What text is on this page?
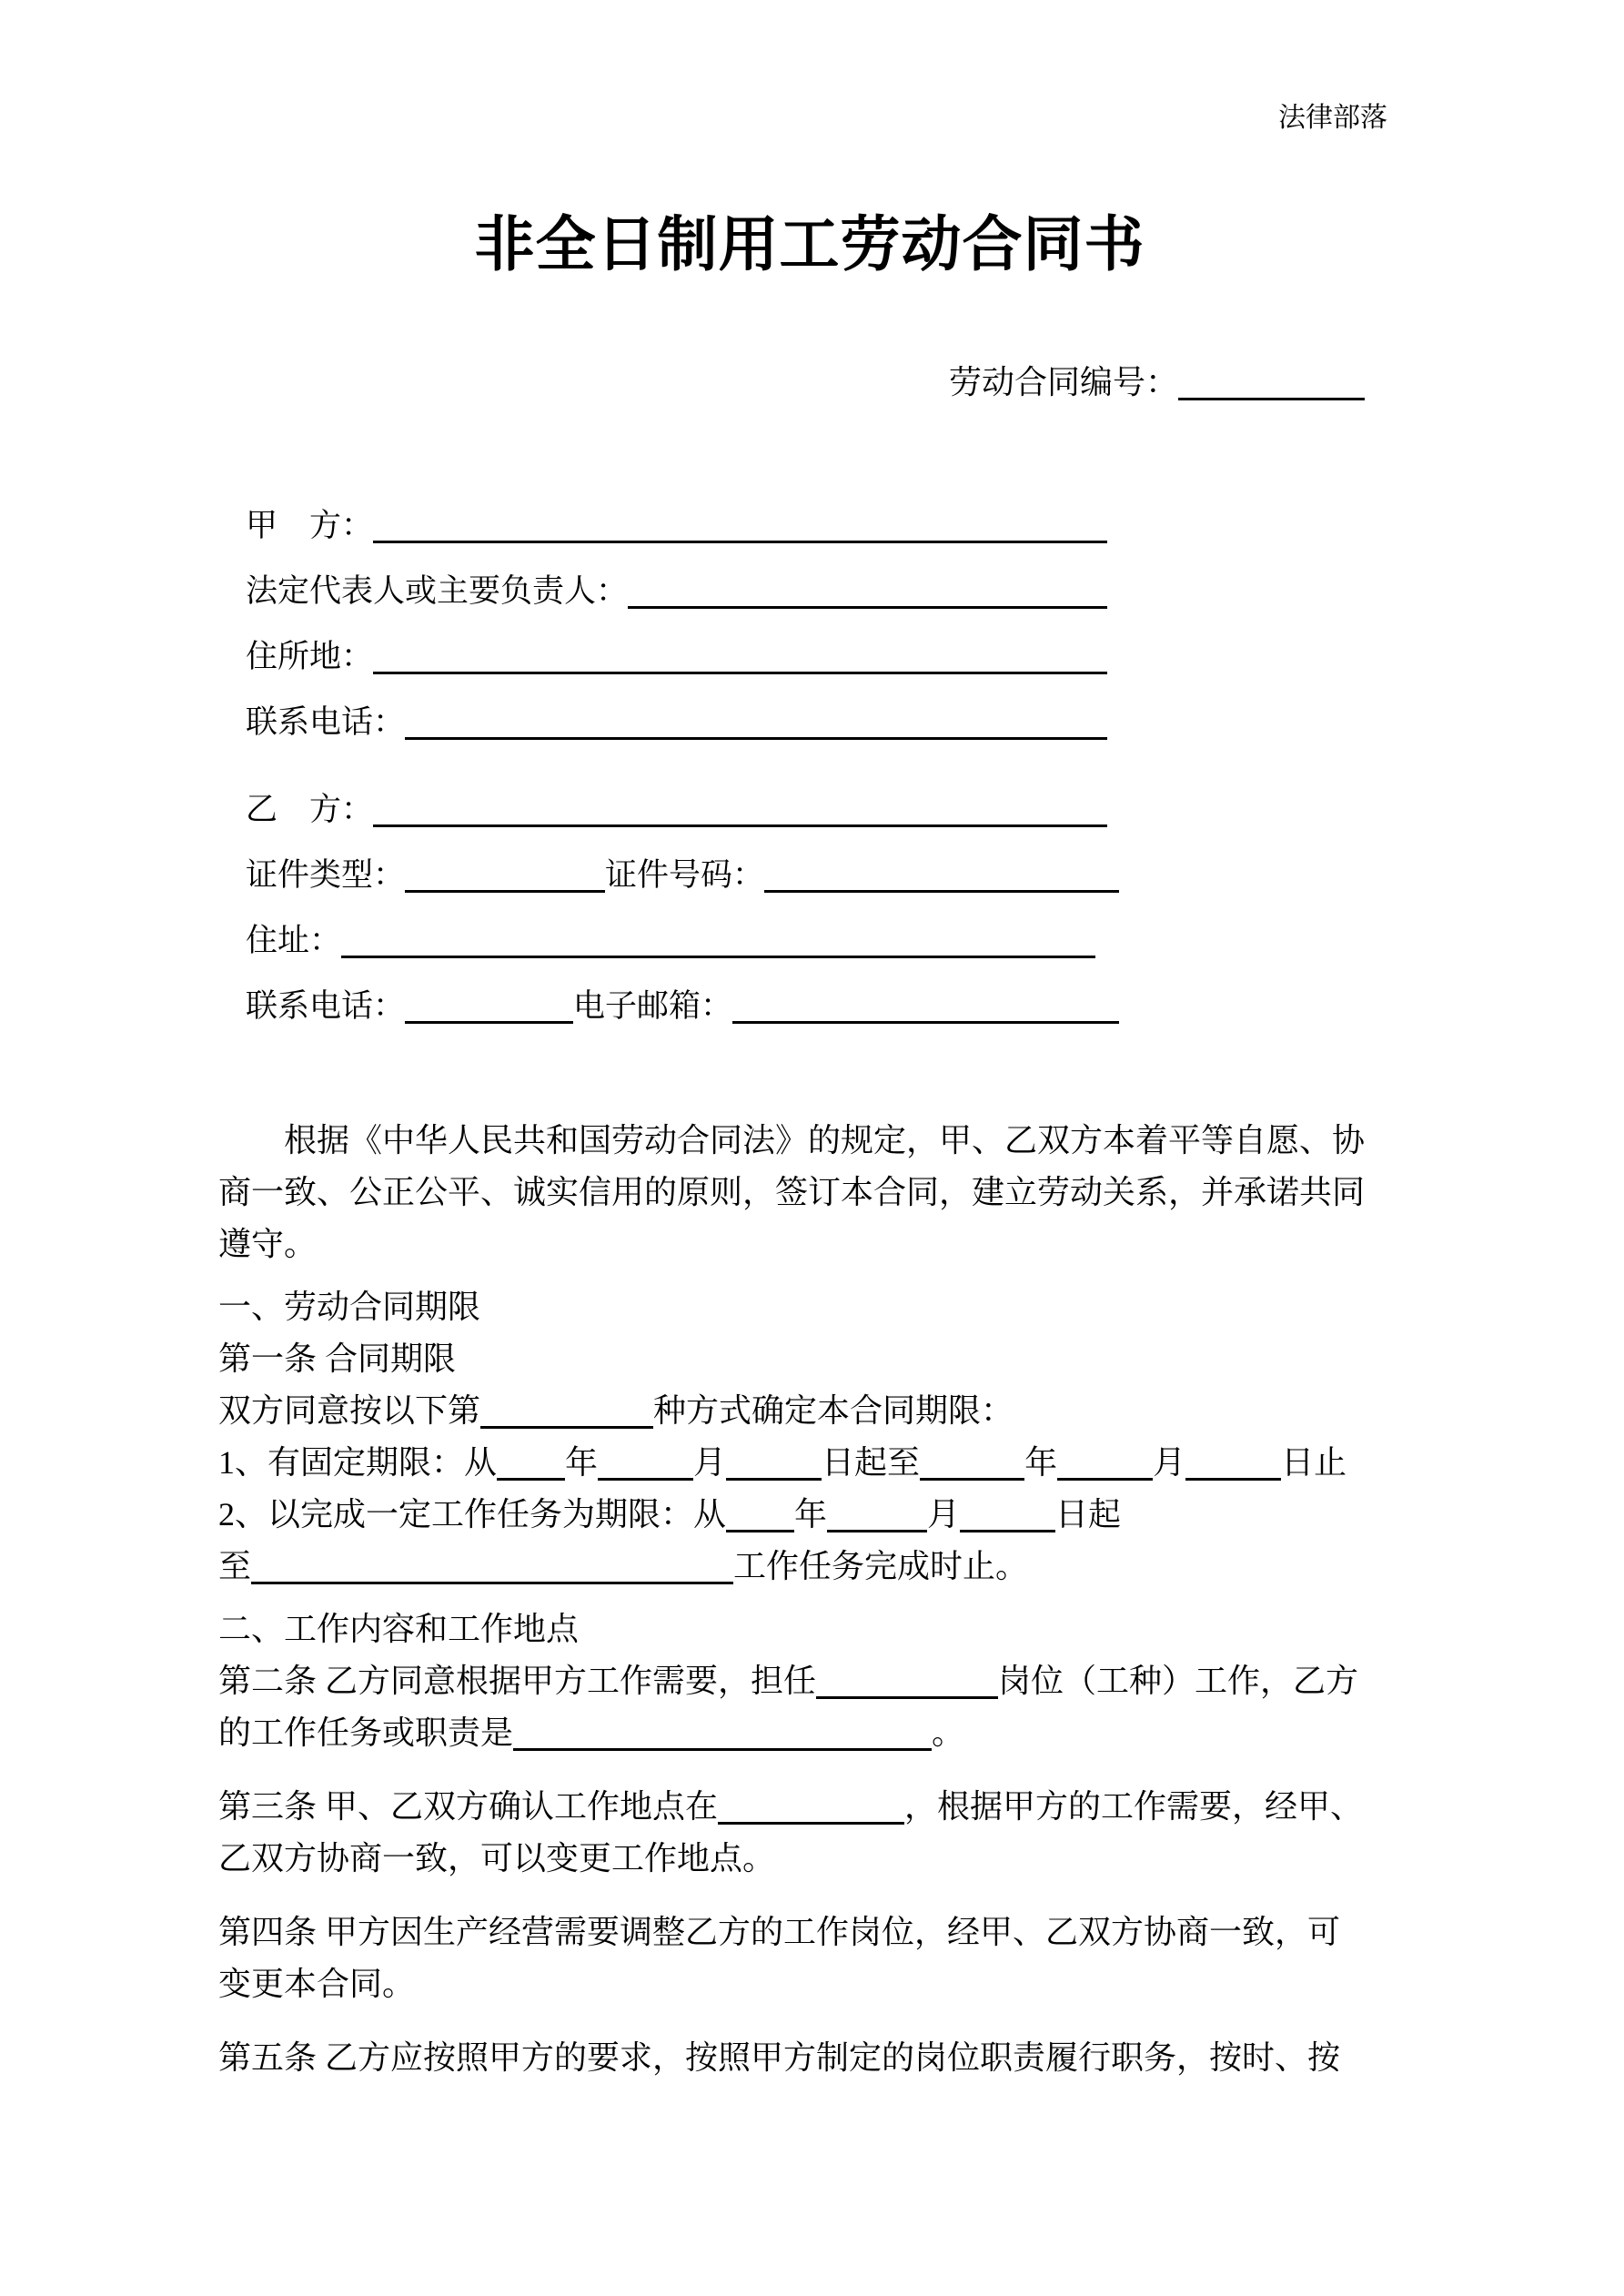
法律部落
非全日制用工劳动合同书
劳动合同编号：
甲　方：
法定代表人或主要负责人：
住所地：
联系电话：
乙　方：
证件类型：	证件号码：
住址：
联系电话：	电子邮箱：
根据《中华人民共和国劳动合同法》的规定，甲、乙双方本着平等自愿、协
商一致、公正公平、诚实信用的原则，签订本合同，建立劳动关系，并承诺共同
遵守。
一、劳动合同期限
第一条 合同期限
双方同意按以下第	种方式确定本合同期限：
1、有固定期限：从 年	月	日起至	年	月	日止
2、以完成一定工作任务为期限：从 年	月	日起
至	工作任务完成时止。
二、工作内容和工作地点
第二条 乙方同意根据甲方工作需要，担任	岗位（工种）工作，乙方
的工作任务或职责是	。
第三条 甲、乙双方确认工作地点在	，根据甲方的工作需要，经甲、
乙双方协商一致，可以变更工作地点。
第四条 甲方因生产经营需要调整乙方的工作岗位，经甲、乙双方协商一致，可
变更本合同。
第五条 乙方应按照甲方的要求，按照甲方制定的岗位职责履行职务，按时、按
